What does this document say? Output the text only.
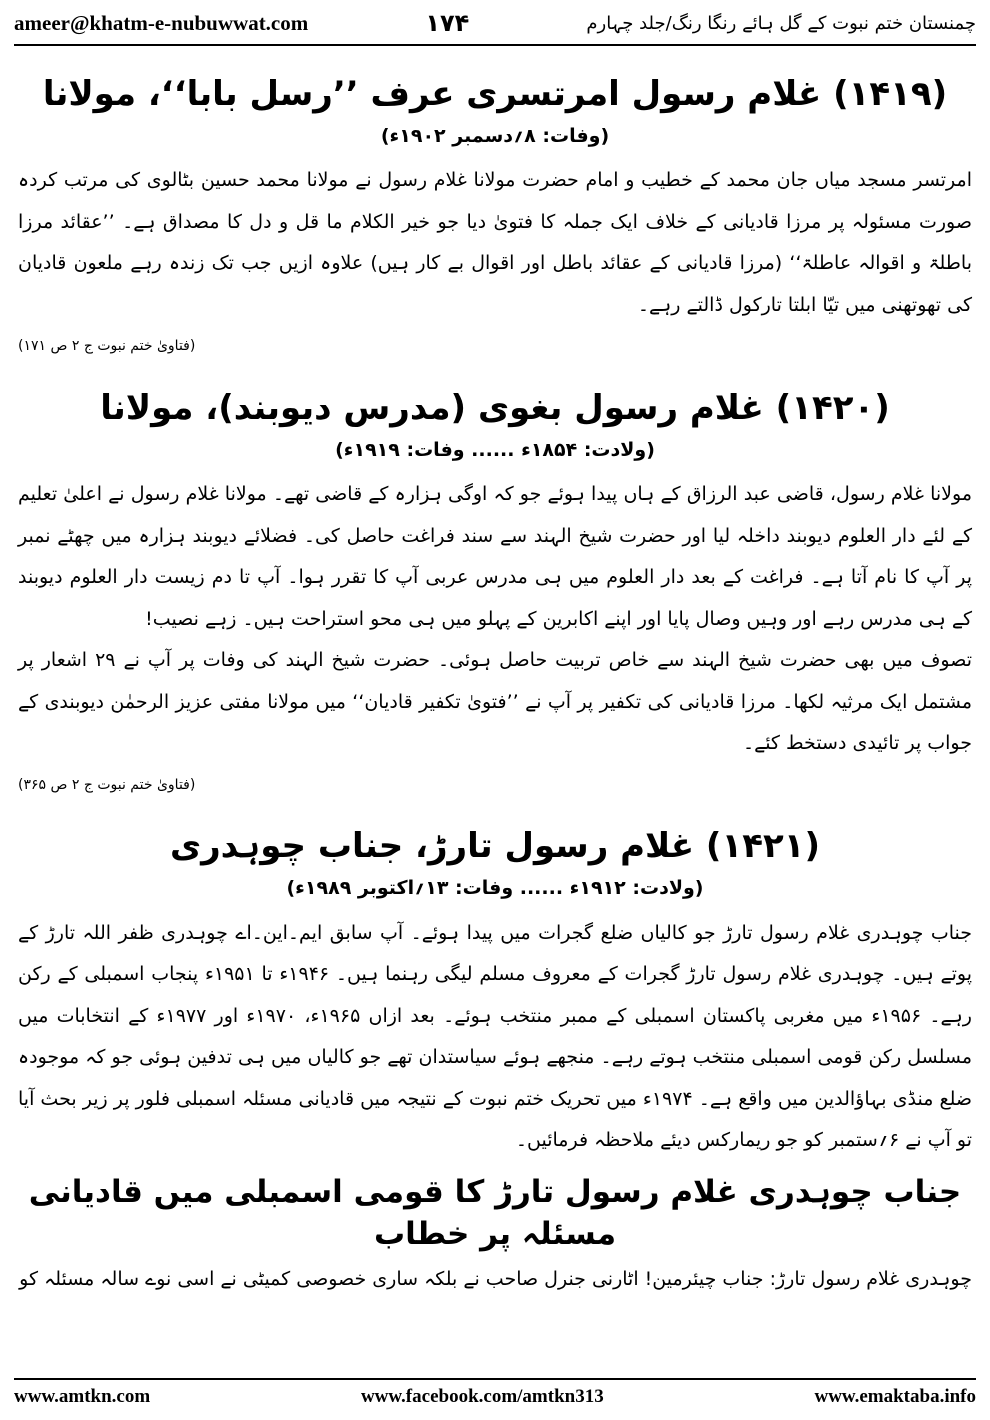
ameer@khatm-e-nubuwwat.com	۱۷۴	چمنستان ختم نبوت کے گل ہائے رنگا رنگ/جلد چہارم
(۱۴۱۹) غلام رسول امرتسری عرف ’’رسل بابا‘‘، مولانا
(وفات: ۸؍دسمبر ۱۹۰۲ء)

امرتسر مسجد میاں جان محمد کے خطیب و امام حضرت مولانا غلام رسول نے مولانا محمد حسین بٹالوی کی مرتب کردہ صورت مسئولہ پر مرزا قادیانی کے خلاف ایک جملہ کا فتویٰ دیا جو خیر الکلام ما قل و دل کا مصداق ہے۔ ’’عقائد مرزا باطلۃ و اقوالہ عاطلۃ‘‘ (مرزا قادیانی کے عقائد باطل اور اقوال بے کار ہیں) علاوہ ازیں جب تک زندہ رہے ملعون قادیان کی تھوتھنی میں تیّا ابلتا تارکول ڈالتے رہے۔

(فتاویٰ ختم نبوت ج ۲ ص ۱۷۱)
(۱۴۲۰) غلام رسول بغوی (مدرس دیوبند)، مولانا
(ولادت: ۱۸۵۴ء ...... وفات: ۱۹۱۹ء)

مولانا غلام رسول، قاضی عبد الرزاق کے ہاں پیدا ہوئے جو کہ اوگی ہزارہ کے قاضی تھے۔ مولانا غلام رسول نے اعلیٰ تعلیم کے لئے دار العلوم دیوبند داخلہ لیا اور حضرت شیخ الہند سے سند فراغت حاصل کی۔ فضلائے دیوبند ہزارہ میں چھٹے نمبر پر آپ کا نام آتا ہے۔ فراغت کے بعد دار العلوم میں ہی مدرس عربی آپ کا تقرر ہوا۔ آپ تا دم زیست دار العلوم دیوبند کے ہی مدرس رہے اور وہیں وصال پایا اور اپنے اکابرین کے پہلو میں ہی محو استراحت ہیں۔ زہے نصیب!

تصوف میں بھی حضرت شیخ الہند سے خاص تربیت حاصل ہوئی۔ حضرت شیخ الہند کی وفات پر آپ نے ۲۹ اشعار پر مشتمل ایک مرثیہ لکھا۔ مرزا قادیانی کی تکفیر پر آپ نے ’’فتویٰ تکفیر قادیان‘‘ میں مولانا مفتی عزیز الرحمٰن دیوبندی کے جواب پر تائیدی دستخط کئے۔

(فتاویٰ ختم نبوت ج ۲ ص ۳۶۵)
(۱۴۲۱) غلام رسول تارڑ، جناب چوہدری
(ولادت: ۱۹۱۲ء ...... وفات: ۱۳؍اکتوبر ۱۹۸۹ء)

جناب چوہدری غلام رسول تارڑ جو کالیاں ضلع گجرات میں پیدا ہوئے۔ آپ سابق ایم۔این۔اے چوہدری ظفر اللہ تارڑ کے پوتے ہیں۔ چوہدری غلام رسول تارڑ گجرات کے معروف مسلم لیگی رہنما ہیں۔ ۱۹۴۶ء تا ۱۹۵۱ء پنجاب اسمبلی کے رکن رہے۔ ۱۹۵۶ء میں مغربی پاکستان اسمبلی کے ممبر منتخب ہوئے۔ بعد ازاں ۱۹۶۵ء، ۱۹۷۰ء اور ۱۹۷۷ء کے انتخابات میں مسلسل رکن قومی اسمبلی منتخب ہوتے رہے۔ منجھے ہوئے سیاستدان تھے جو کالیاں میں ہی تدفین ہوئی جو کہ موجودہ ضلع منڈی بہاؤالدین میں واقع ہے۔ ۱۹۷۴ء میں تحریک ختم نبوت کے نتیجہ میں قادیانی مسئلہ اسمبلی فلور پر زیر بحث آیا تو آپ نے ۶؍ستمبر کو جو ریمارکس دیئے ملاحظہ فرمائیں۔

جناب چوہدری غلام رسول تارڑ کا قومی اسمبلی میں قادیانی مسئلہ پر خطاب

چوہدری غلام رسول تارڑ: جناب چیئرمین! اٹارنی جنرل صاحب نے بلکہ ساری خصوصی کمیٹی نے اسی نوے سالہ مسئلہ کو

www.amtkn.com	www.facebook.com/amtkn313	www.emaktaba.info
